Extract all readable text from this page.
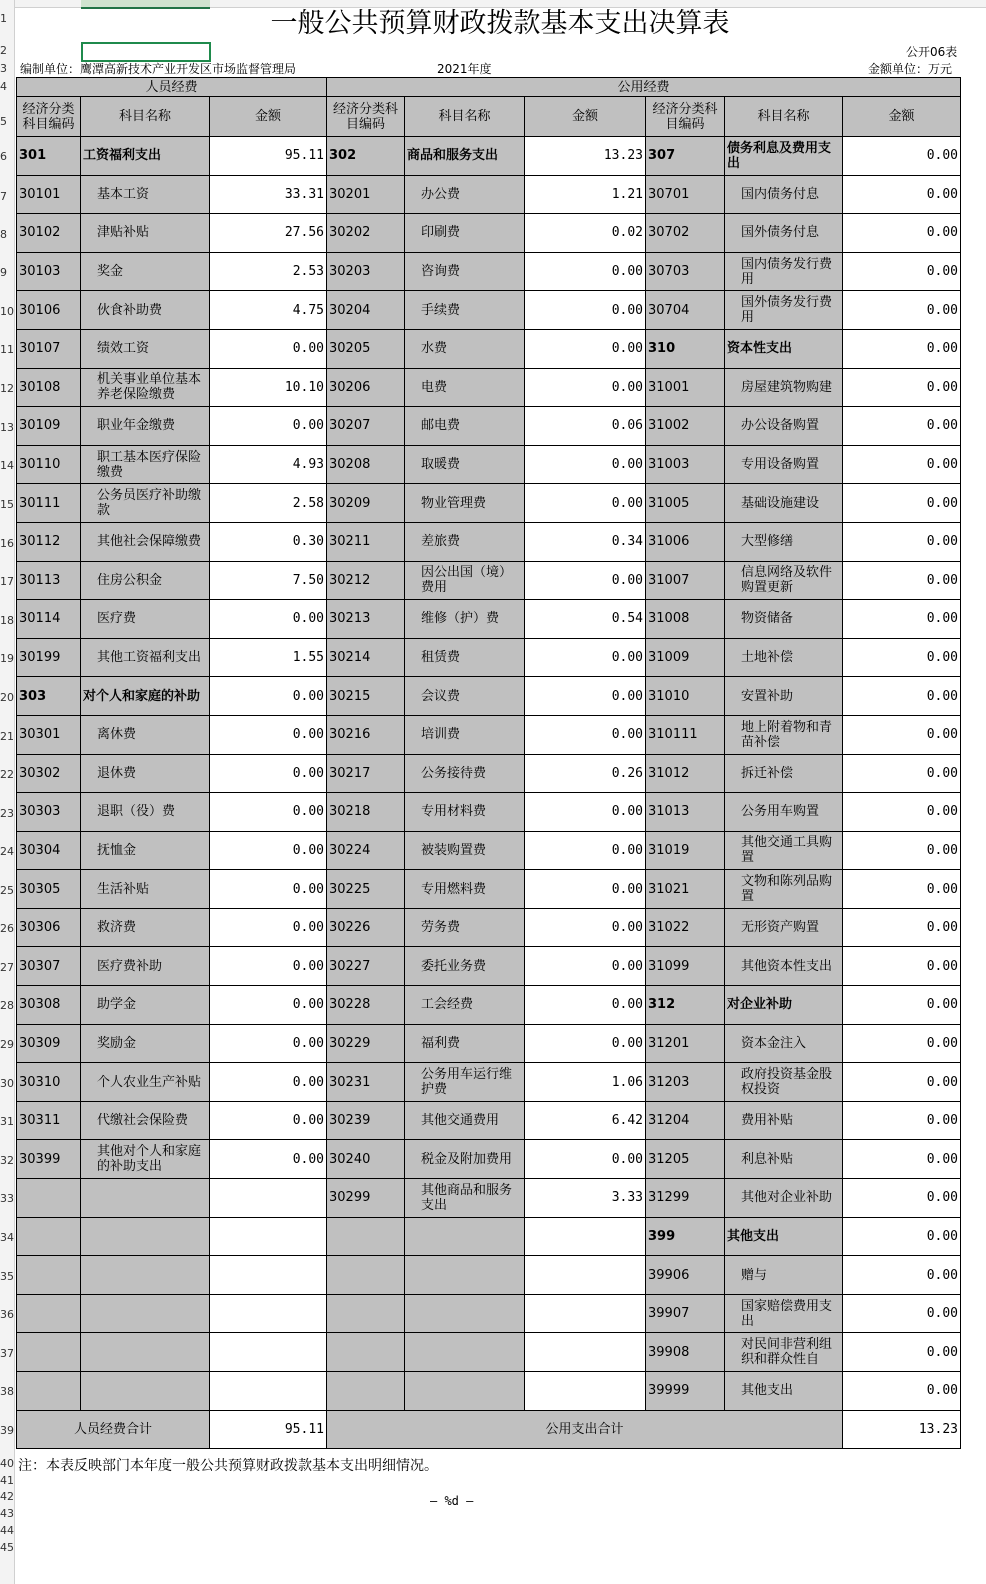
1
2
3
4
5
6
7
8
9
10
11
12
13
14
15
16
17
18
19
20
21
22
23
24
25
26
27
28
29
30
31
32
33
34
35
36
37
38
39
40
41
42
43
44
45
一般公共预算财政拨款基本支出决算表
公开06表
编制单位：鹰潭高新技术产业开发区市场监督管理局	2021年度	金额单位：万元
人员经费			公用经费					
经济分类科目编码	科目名称	金额	经济分类科目编码	科目名称	金额	经济分类科目编码	科目名称	金额
301	工资福利支出	95.11	302	商品和服务支出	13.23	307	债务利息及费用支出	0.00
30101	基本工资	33.31	30201	办公费	1.21	30701	国内债务付息	0.00
30102	津贴补贴	27.56	30202	印刷费	0.02	30702	国外债务付息	0.00
30103	奖金	2.53	30203	咨询费	0.00	30703	国内债务发行费用	0.00
30106	伙食补助费	4.75	30204	手续费	0.00	30704	国外债务发行费用	0.00
30107	绩效工资	0.00	30205	水费	0.00	310	资本性支出	0.00
30108	机关事业单位基本养老保险缴费	10.10	30206	电费	0.00	31001	房屋建筑物购建	0.00
30109	职业年金缴费	0.00	30207	邮电费	0.06	31002	办公设备购置	0.00
30110	职工基本医疗保险缴费	4.93	30208	取暖费	0.00	31003	专用设备购置	0.00
30111	公务员医疗补助缴款	2.58	30209	物业管理费	0.00	31005	基础设施建设	0.00
30112	其他社会保障缴费	0.30	30211	差旅费	0.34	31006	大型修缮	0.00
30113	住房公积金	7.50	30212	因公出国（境）费用	0.00	31007	信息网络及软件购置更新	0.00
30114	医疗费	0.00	30213	维修（护）费	0.54	31008	物资储备	0.00
30199	其他工资福利支出	1.55	30214	租赁费	0.00	31009	土地补偿	0.00
303	对个人和家庭的补助	0.00	30215	会议费	0.00	31010	安置补助	0.00
30301	离休费	0.00	30216	培训费	0.00	310111	地上附着物和青苗补偿	0.00
30302	退休费	0.00	30217	公务接待费	0.26	31012	拆迁补偿	0.00
30303	退职（役）费	0.00	30218	专用材料费	0.00	31013	公务用车购置	0.00
30304	抚恤金	0.00	30224	被装购置费	0.00	31019	其他交通工具购置	0.00
30305	生活补贴	0.00	30225	专用燃料费	0.00	31021	文物和陈列品购置	0.00
30306	救济费	0.00	30226	劳务费	0.00	31022	无形资产购置	0.00
30307	医疗费补助	0.00	30227	委托业务费	0.00	31099	其他资本性支出	0.00
30308	助学金	0.00	30228	工会经费	0.00	312	对企业补助	0.00
30309	奖励金	0.00	30229	福利费	0.00	31201	资本金注入	0.00
30310	个人农业生产补贴	0.00	30231	公务用车运行维护费	1.06	31203	政府投资基金股权投资	0.00
30311	代缴社会保险费	0.00	30239	其他交通费用	6.42	31204	费用补贴	0.00
30399	其他对个人和家庭的补助支出	0.00	30240	税金及附加费用	0.00	31205	利息补贴	0.00
			30299	其他商品和服务支出	3.33	31299	其他对企业补助	0.00
						399	其他支出	0.00
						39906	赠与	0.00
						39907	国家赔偿费用支出	0.00
						39908	对民间非营利组织和群众性自	0.00
						39999	其他支出	0.00
人员经费合计		95.11	公用支出合计					13.23
注：本表反映部门本年度一般公共预算财政拨款基本支出明细情况。
— %d —
